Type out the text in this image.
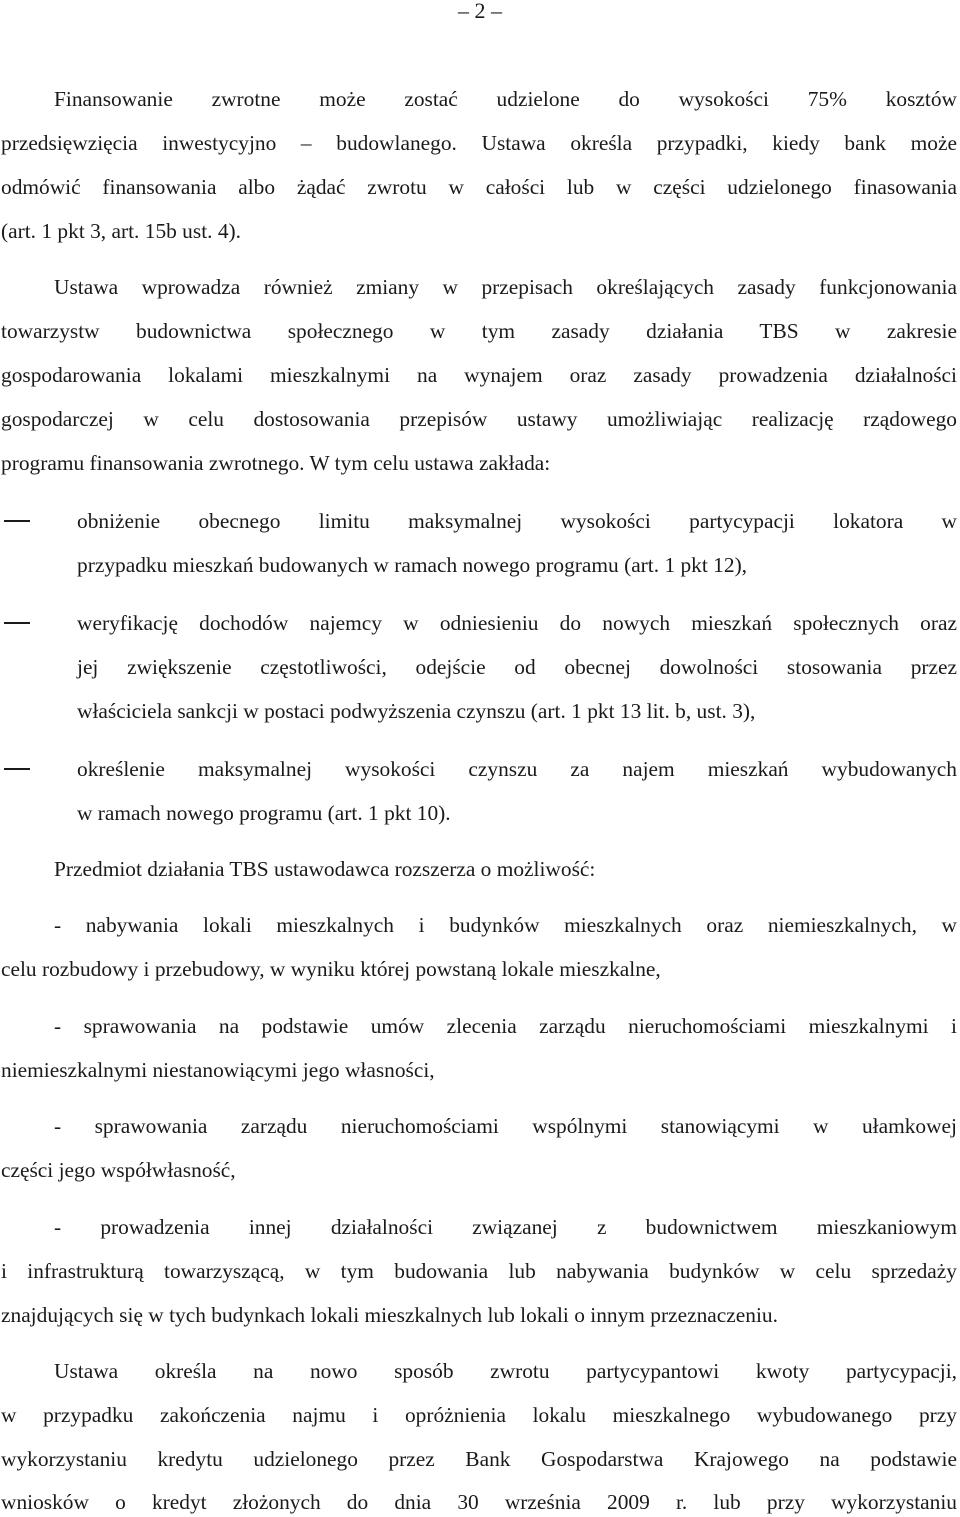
– 2 –
Finansowanie zwrotne może zostać udzielone do wysokości 75% kosztów
przedsięwzięcia inwestycyjno – budowlanego. Ustawa określa przypadki, kiedy bank może
odmówić finansowania albo żądać zwrotu w całości lub w części udzielonego finasowania
(art. 1 pkt 3, art. 15b ust. 4).
Ustawa wprowadza również zmiany w przepisach określających zasady funkcjonowania
towarzystw budownictwa społecznego w tym zasady działania TBS w zakresie
gospodarowania lokalami mieszkalnymi na wynajem oraz zasady prowadzenia działalności
gospodarczej w celu dostosowania przepisów ustawy umożliwiając realizację rządowego
programu finansowania zwrotnego. W tym celu ustawa zakłada:
obniżenie obecnego limitu maksymalnej wysokości partycypacji lokatora w
przypadku mieszkań budowanych w ramach nowego programu (art. 1 pkt 12),
weryfikację dochodów najemcy w odniesieniu do nowych mieszkań społecznych oraz
jej zwiększenie częstotliwości, odejście od obecnej dowolności stosowania przez
właściciela sankcji w postaci podwyższenia czynszu (art. 1 pkt 13 lit. b, ust. 3),
określenie maksymalnej wysokości czynszu za najem mieszkań wybudowanych
w ramach nowego programu (art. 1 pkt 10).
Przedmiot działania TBS ustawodawca rozszerza o możliwość:
- nabywania lokali mieszkalnych i budynków mieszkalnych oraz niemieszkalnych, w
celu rozbudowy i przebudowy, w wyniku której powstaną lokale mieszkalne,
- sprawowania na podstawie umów zlecenia zarządu nieruchomościami mieszkalnymi i
niemieszkalnymi niestanowiącymi jego własności,
- sprawowania zarządu nieruchomościami wspólnymi stanowiącymi w ułamkowej
części jego współwłasność,
- prowadzenia innej działalności związanej z budownictwem mieszkaniowym
i infrastrukturą towarzyszącą, w tym budowania lub nabywania budynków w celu sprzedaży
znajdujących się w tych budynkach lokali mieszkalnych lub lokali o innym przeznaczeniu.
Ustawa określa na nowo sposób zwrotu partycypantowi kwoty partycypacji,
w przypadku zakończenia najmu i opróżnienia lokalu mieszkalnego wybudowanego przy
wykorzystaniu kredytu udzielonego przez Bank Gospodarstwa Krajowego na podstawie
wniosków o kredyt złożonych do dnia 30 września 2009 r. lub przy wykorzystaniu
